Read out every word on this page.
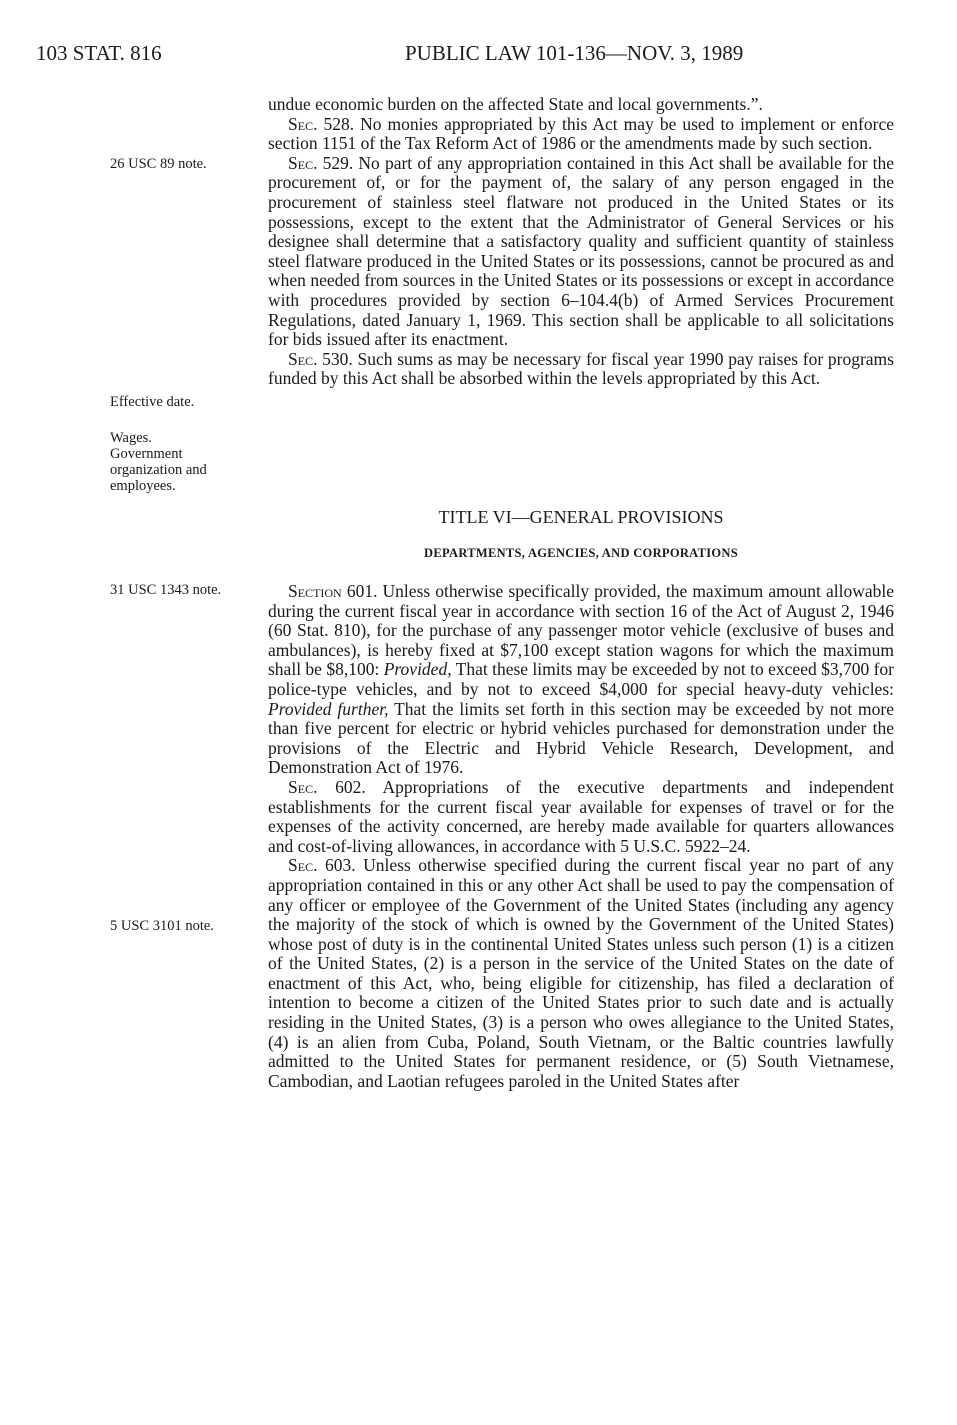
103 STAT. 816	PUBLIC LAW 101-136—NOV. 3, 1989
26 USC 89 note.
Effective date.
Wages.
Government organization and employees.
31 USC 1343 note.
5 USC 3101 note.

undue economic burden on the affected State and local governments.”.

Sec. 528. No monies appropriated by this Act may be used to implement or enforce section 1151 of the Tax Reform Act of 1986 or the amendments made by such section.

Sec. 529. No part of any appropriation contained in this Act shall be available for the procurement of, or for the payment of, the salary of any person engaged in the procurement of stainless steel flatware not produced in the United States or its possessions, except to the extent that the Administrator of General Services or his designee shall determine that a satisfactory quality and sufficient quantity of stainless steel flatware produced in the United States or its possessions, cannot be procured as and when needed from sources in the United States or its possessions or except in accordance with procedures provided by section 6–104.4(b) of Armed Services Procurement Regulations, dated January 1, 1969. This section shall be applicable to all solicitations for bids issued after its enactment.

Sec. 530. Such sums as may be necessary for fiscal year 1990 pay raises for programs funded by this Act shall be absorbed within the levels appropriated by this Act.

TITLE VI—GENERAL PROVISIONS
DEPARTMENTS, AGENCIES, AND CORPORATIONS

Section 601. Unless otherwise specifically provided, the maximum amount allowable during the current fiscal year in accordance with section 16 of the Act of August 2, 1946 (60 Stat. 810), for the purchase of any passenger motor vehicle (exclusive of buses and ambulances), is hereby fixed at $7,100 except station wagons for which the maximum shall be $8,100: Provided, That these limits may be exceeded by not to exceed $3,700 for police-type vehicles, and by not to exceed $4,000 for special heavy-duty vehicles: Provided further, That the limits set forth in this section may be exceeded by not more than five percent for electric or hybrid vehicles purchased for demonstration under the provisions of the Electric and Hybrid Vehicle Research, Development, and Demonstration Act of 1976.

Sec. 602. Appropriations of the executive departments and independent establishments for the current fiscal year available for expenses of travel or for the expenses of the activity concerned, are hereby made available for quarters allowances and cost-of-living allowances, in accordance with 5 U.S.C. 5922–24.

Sec. 603. Unless otherwise specified during the current fiscal year no part of any appropriation contained in this or any other Act shall be used to pay the compensation of any officer or employee of the Government of the United States (including any agency the majority of the stock of which is owned by the Government of the United States) whose post of duty is in the continental United States unless such person (1) is a citizen of the United States, (2) is a person in the service of the United States on the date of enactment of this Act, who, being eligible for citizenship, has filed a declaration of intention to become a citizen of the United States prior to such date and is actually residing in the United States, (3) is a person who owes allegiance to the United States, (4) is an alien from Cuba, Poland, South Vietnam, or the Baltic countries lawfully admitted to the United States for permanent residence, or (5) South Vietnamese, Cambodian, and Laotian refugees paroled in the United States after
